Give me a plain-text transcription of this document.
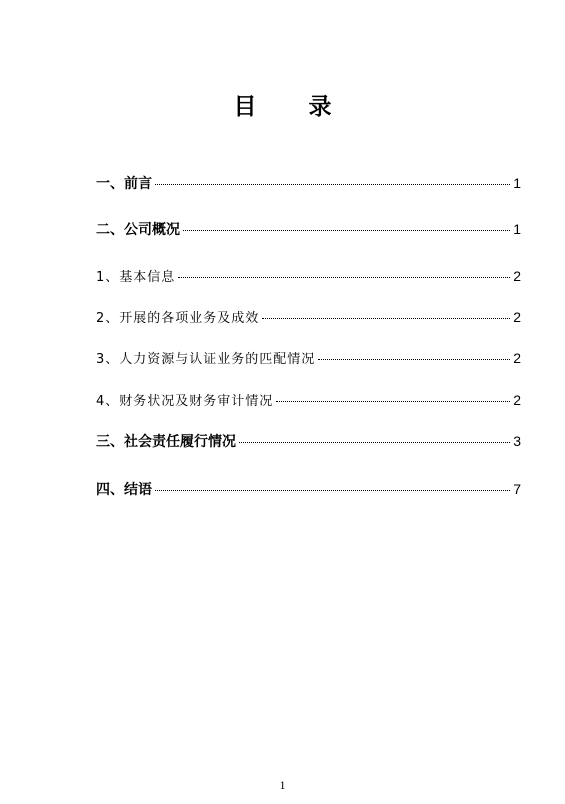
目 录
一、前言	1
二、公司概况	1
1、基本信息	2
2、开展的各项业务及成效	2
3、人力资源与认证业务的匹配情况	2
4、财务状况及财务审计情况	2
三、社会责任履行情况	3
四、结语	7
1
